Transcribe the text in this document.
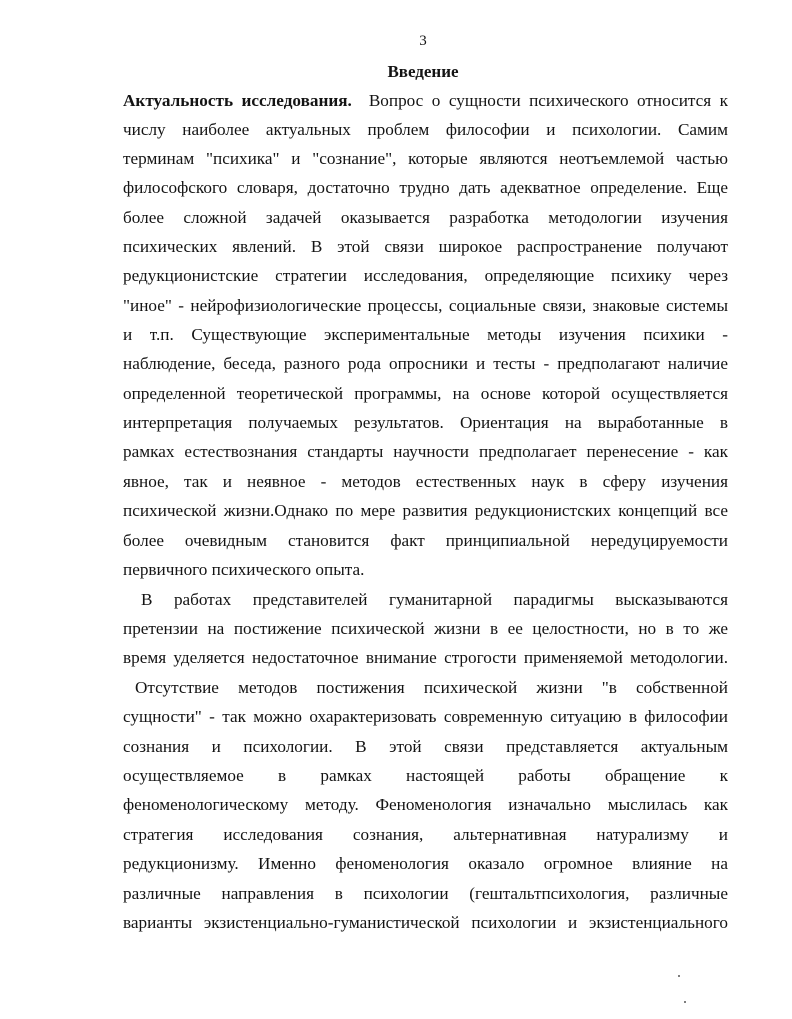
3
Введение
Актуальность исследования. Вопрос о сущности психического относится к
числу наиболее актуальных проблем философии и психологии. Самим
терминам "психика" и "сознание", которые являются неотъемлемой частью
философского словаря, достаточно трудно дать адекватное определение. Еще
более сложной задачей оказывается разработка методологии изучения
психических явлений. В этой связи широкое распространение получают
редукционистские стратегии исследования, определяющие психику через
"иное" - нейрофизиологические процессы, социальные связи, знаковые системы
и т.п. Существующие экспериментальные методы изучения психики -
наблюдение, беседа, разного рода опросники и тесты - предполагают наличие
определенной теоретической программы, на основе которой осуществляется
интерпретация получаемых результатов. Ориентация на выработанные в
рамках естествознания стандарты научности предполагает перенесение - как
явное, так и неявное - методов естественных наук в сферу изучения
психической жизни.Однако по мере развития редукционистских концепций все
более очевидным становится факт принципиальной нередуцируемости
первичного психического опыта.
В работах представителей гуманитарной парадигмы высказываются
претензии на постижение психической жизни в ее целостности, но в то же
время уделяется недостаточное внимание строгости применяемой методологии.
Отсутствие методов постижения психической жизни "в собственной
сущности" - так можно охарактеризовать современную ситуацию в философии
сознания и психологии. В этой связи представляется актуальным
осуществляемое в рамках настоящей работы обращение к
феноменологическому методу. Феноменология изначально мыслилась как
стратегия исследования сознания, альтернативная натурализму и
редукционизму. Именно феноменология оказало огромное влияние на
различные направления в психологии (гештальтпсихология, различные
варианты экзистенциально-гуманистической психологии и экзистенциального
